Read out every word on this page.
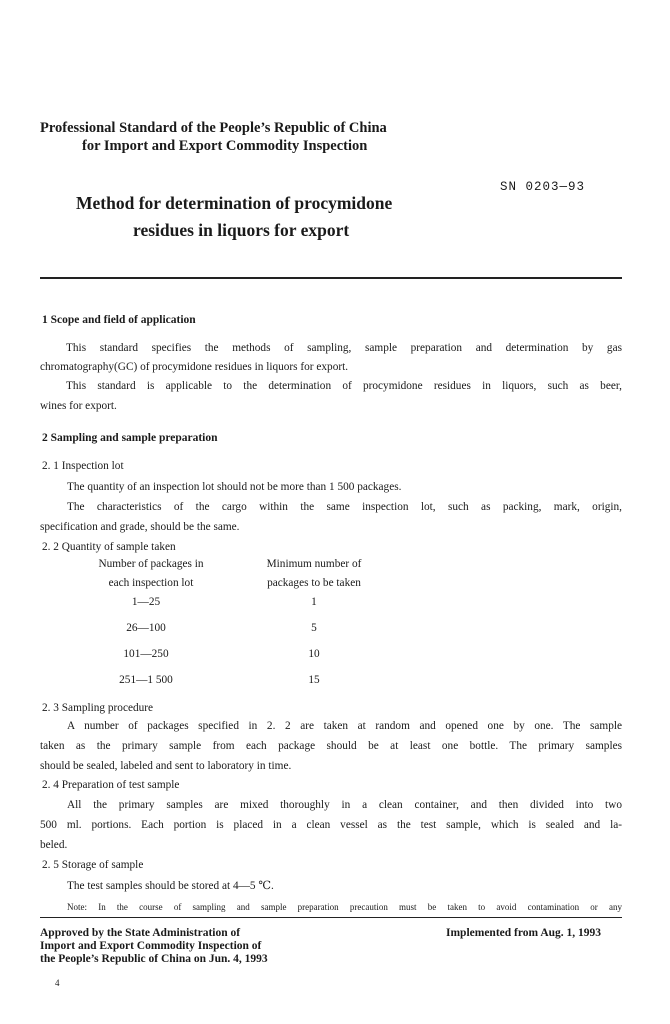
Professional Standard of the People’s Republic of China
for Import and Export Commodity Inspection
SN 0203—93
Method for determination of procymidone
residues in liquors for export
1 Scope and field of application
This standard specifies the methods of sampling, sample preparation and determination by gas
chromatography(GC) of procymidone residues in liquors for export.
This standard is applicable to the determination of procymidone residues in liquors, such as beer,
wines for export.
2 Sampling and sample preparation
2. 1 Inspection lot
The quantity of an inspection lot should not be more than 1 500 packages.
The characteristics of the cargo within the same inspection lot, such as packing, mark, origin,
specification and grade, should be the same.
2. 2 Quantity of sample taken
Number of packages in
each inspection lot
Minimum number of
packages to be taken
1—25	1
26—100	5
101—250	10
251—1 500	15
2. 3 Sampling procedure
A number of packages specified in 2. 2 are taken at random and opened one by one. The sample
taken as the primary sample from each package should be at least one bottle. The primary samples
should be sealed, labeled and sent to laboratory in time.
2. 4 Preparation of test sample
All the primary samples are mixed thoroughly in a clean container, and then divided into two
500 ml. portions. Each portion is placed in a clean vessel as the test sample, which is sealed and la-
beled.
2. 5 Storage of sample
The test samples should be stored at 4—5 ℃.
Note: In the course of sampling and sample preparation precaution must be taken to avoid contamination or any
Approved by the State Administration of
Import and Export Commodity Inspection of
the People’s Republic of China on Jun. 4, 1993
Implemented from Aug. 1, 1993
4
